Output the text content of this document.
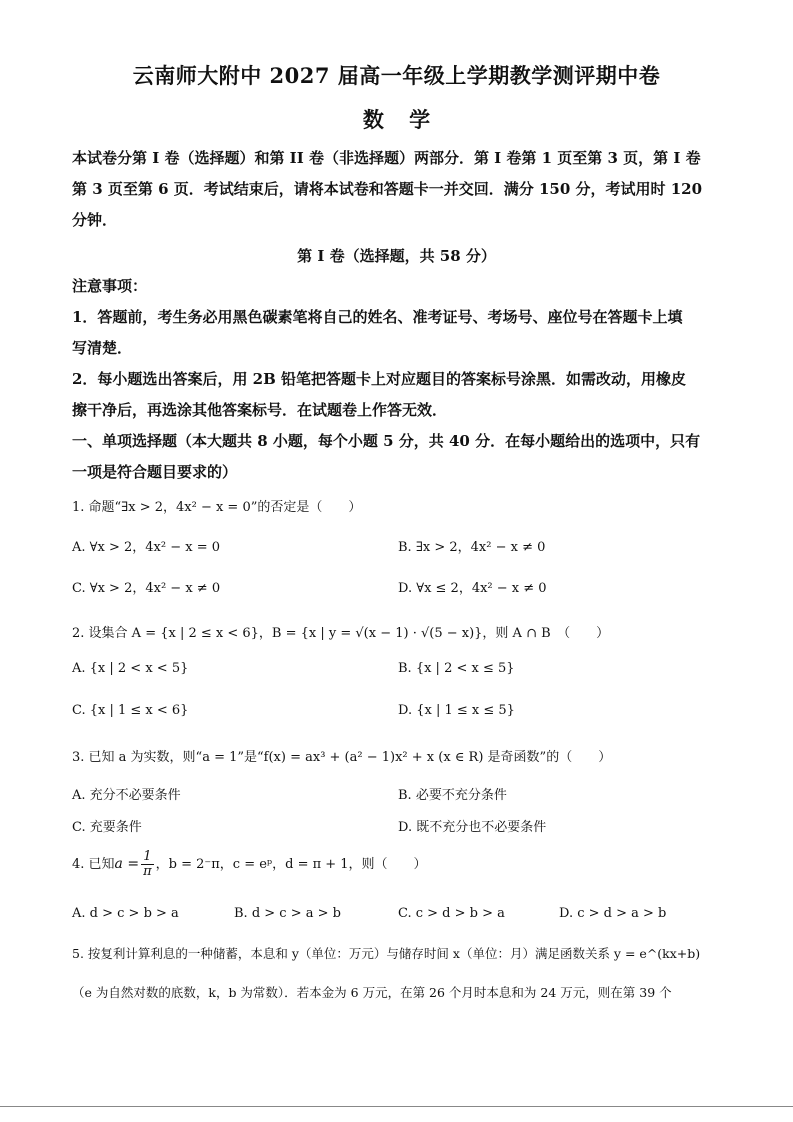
云南师大附中 2027 届高一年级上学期教学测评期中卷
数 学
本试卷分第 I 卷（选择题）和第 II 卷（非选择题）两部分．第 I 卷第 1 页至第 3 页，第 I 卷
第 3 页至第 6 页．考试结束后，请将本试卷和答题卡一并交回．满分 150 分，考试用时 120
分钟．
第 I 卷（选择题，共 58 分）
注意事项：
1．答题前，考生务必用黑色碳素笔将自己的姓名、准考证号、考场号、座位号在答题卡上填
写清楚．
2．每小题选出答案后，用 2B 铅笔把答题卡上对应题目的答案标号涂黑．如需改动，用橡皮
擦干净后，再选涂其他答案标号．在试题卷上作答无效．
一、单项选择题（本大题共 8 小题，每个小题 5 分，共 40 分．在每小题给出的选项中，只有
一项是符合题目要求的）
1. 命题“∃x > 2，4x² − x = 0”的否定是（　　）
A. ∀x > 2，4x² − x = 0	B. ∃x > 2，4x² − x ≠ 0
C. ∀x > 2，4x² − x ≠ 0	D. ∀x ≤ 2，4x² − x ≠ 0
2. 设集合 A = {x | 2 ≤ x < 6}，B = {x | y = √(x − 1) · √(5 − x)}，则 A ∩ B　（　　）
A. {x | 2 < x < 5}	B. {x | 2 < x ≤ 5}
C. {x | 1 ≤ x < 6}	D. {x | 1 ≤ x ≤ 5}
3. 已知 a 为实数，则“a = 1”是“f(x) = ax³ + (a² − 1)x² + x (x ∈ R) 是奇函数”的（　　）
A. 充分不必要条件	B. 必要不充分条件
C. 充要条件	D. 既不充分也不必要条件
4. 已知$a = \frac{1}{\pi}$ ，b = 2⁻π，c = eᵖ，d = π + 1，则（　　）
A. d > c > b > a	B. d > c > a > b	C. c > d > b > a	D. c > d > a > b
5. 按复利计算利息的一种储蓄，本息和 y（单位：万元）与储存时间 x（单位：月）满足函数关系 y = e^(kx+b)
（e 为自然对数的底数，k，b 为常数）．若本金为 6 万元，在第 26 个月时本息和为 24 万元，则在第 39 个
